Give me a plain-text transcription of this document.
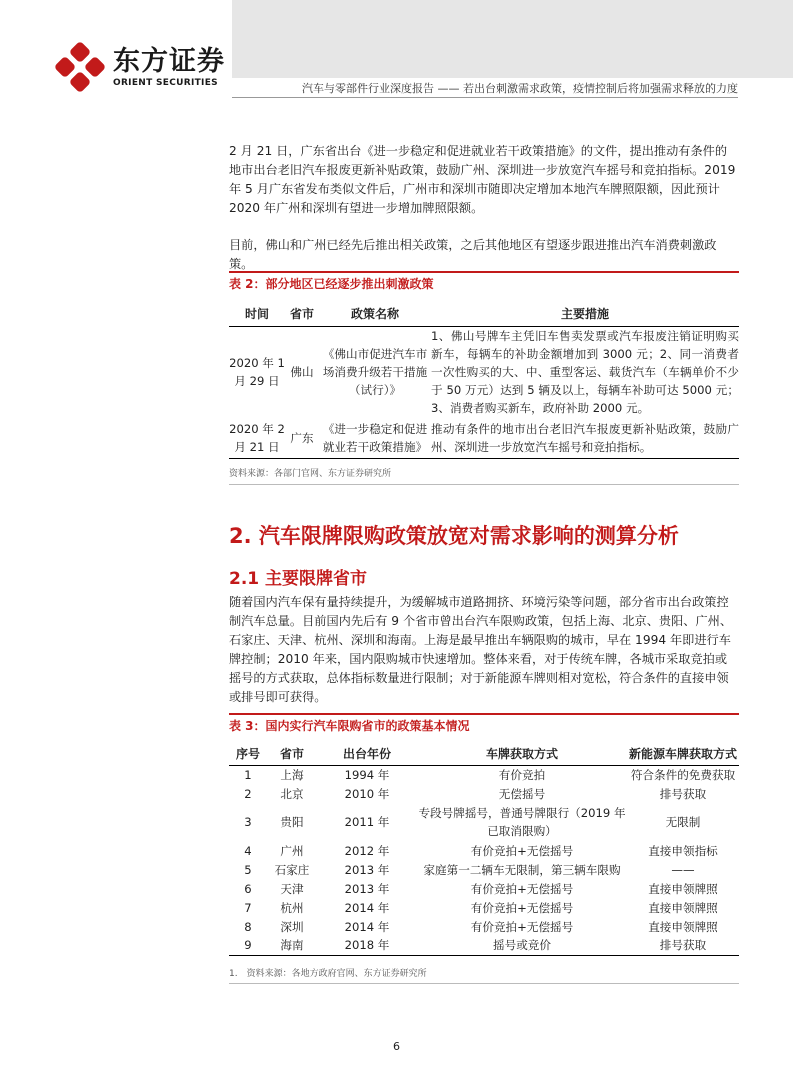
东方证券
ORIENT SECURITIES	汽车与零部件行业深度报告 —— 若出台刺激需求政策，疫情控制后将加强需求释放的力度

2 月 21 日，广东省出台《进一步稳定和促进就业若干政策措施》的文件，提出推动有条件的地市出台老旧汽车报废更新补贴政策，鼓励广州、深圳进一步放宽汽车摇号和竞拍指标。2019 年 5 月广东省发布类似文件后，广州市和深圳市随即决定增加本地汽车牌照限额，因此预计 2020 年广州和深圳有望进一步增加牌照限额。

目前，佛山和广州已经先后推出相关政策，之后其他地区有望逐步跟进推出汽车消费刺激政策。

表 2：部分地区已经逐步推出刺激政策
时间	省市	政策名称	主要措施
2020 年 1 月 29 日	佛山	《佛山市促进汽车市场消费升级若干措施（试行）》	1、佛山号牌车主凭旧车售卖发票或汽车报废注销证明购买新车，每辆车的补助金额增加到 3000 元；2、同一消费者一次性购买的大、中、重型客运、载货汽车（车辆单价不少于 50 万元）达到 5 辆及以上，每辆车补助可达 5000 元；3、消费者购买新车，政府补助 2000 元。
2020 年 2 月 21 日	广东	《进一步稳定和促进就业若干政策措施》	推动有条件的地市出台老旧汽车报废更新补贴政策，鼓励广州、深圳进一步放宽汽车摇号和竞拍指标。
资料来源：各部门官网、东方证券研究所
2. 汽车限牌限购政策放宽对需求影响的测算分析
2.1 主要限牌省市

随着国内汽车保有量持续提升，为缓解城市道路拥挤、环境污染等问题，部分省市出台政策控制汽车总量。目前国内先后有 9 个省市曾出台汽车限购政策，包括上海、北京、贵阳、广州、石家庄、天津、杭州、深圳和海南。上海是最早推出车辆限购的城市，早在 1994 年即进行车牌控制；2010 年来，国内限购城市快速增加。整体来看，对于传统车牌，各城市采取竞拍或摇号的方式获取，总体指标数量进行限制；对于新能源车牌则相对宽松，符合条件的直接申领或排号即可获得。

表 3：国内实行汽车限购省市的政策基本情况
序号	省市	出台年份	车牌获取方式	新能源车牌获取方式
1	上海	1994 年	有价竞拍	符合条件的免费获取
2	北京	2010 年	无偿摇号	排号获取
3	贵阳	2011 年	专段号牌摇号，普通号牌限行（2019 年已取消限购）	无限制
4	广州	2012 年	有价竞拍+无偿摇号	直接申领指标
5	石家庄	2013 年	家庭第一二辆车无限制，第三辆车限购	——
6	天津	2013 年	有价竞拍+无偿摇号	直接申领牌照
7	杭州	2014 年	有价竞拍+无偿摇号	直接申领牌照
8	深圳	2014 年	有价竞拍+无偿摇号	直接申领牌照
9	海南	2018 年	摇号或竞价	排号获取
1.　资料来源：各地方政府官网、东方证券研究所
6
